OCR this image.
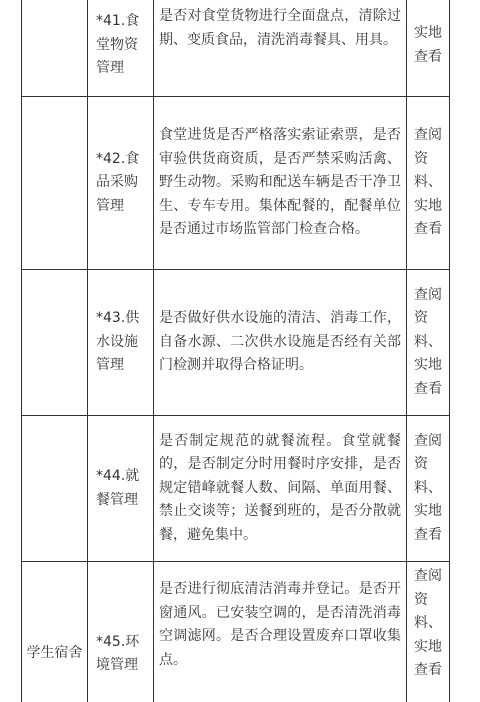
	*41.食堂物资管理	是否对食堂货物进行全面盘点，清除过期、变质食品，清洗消毒餐具、用具。	实地查看
	*42.食品采购管理	食堂进货是否严格落实索证索票，是否审验供货商资质，是否严禁采购活禽、野生动物。采购和配送车辆是否干净卫生、专车专用。集体配餐的，配餐单位是否通过市场监管部门检查合格。	查阅资料、实地查看
	*43.供水设施管理	是否做好供水设施的清洁、消毒工作，自备水源、二次供水设施是否经有关部门检测并取得合格证明。	查阅资料、实地查看
	*44.就餐管理	是否制定规范的就餐流程。食堂就餐的，是否制定分时用餐时序安排，是否规定错峰就餐人数、间隔、单面用餐、禁止交谈等；送餐到班的，是否分散就餐，避免集中。	查阅资料、实地查看
学生宿舍	*45.环境管理	是否进行彻底清洁消毒并登记。是否开窗通风。已安装空调的，是否清洗消毒空调滤网。是否合理设置废弃口罩收集点。	查阅资料、实地查看
